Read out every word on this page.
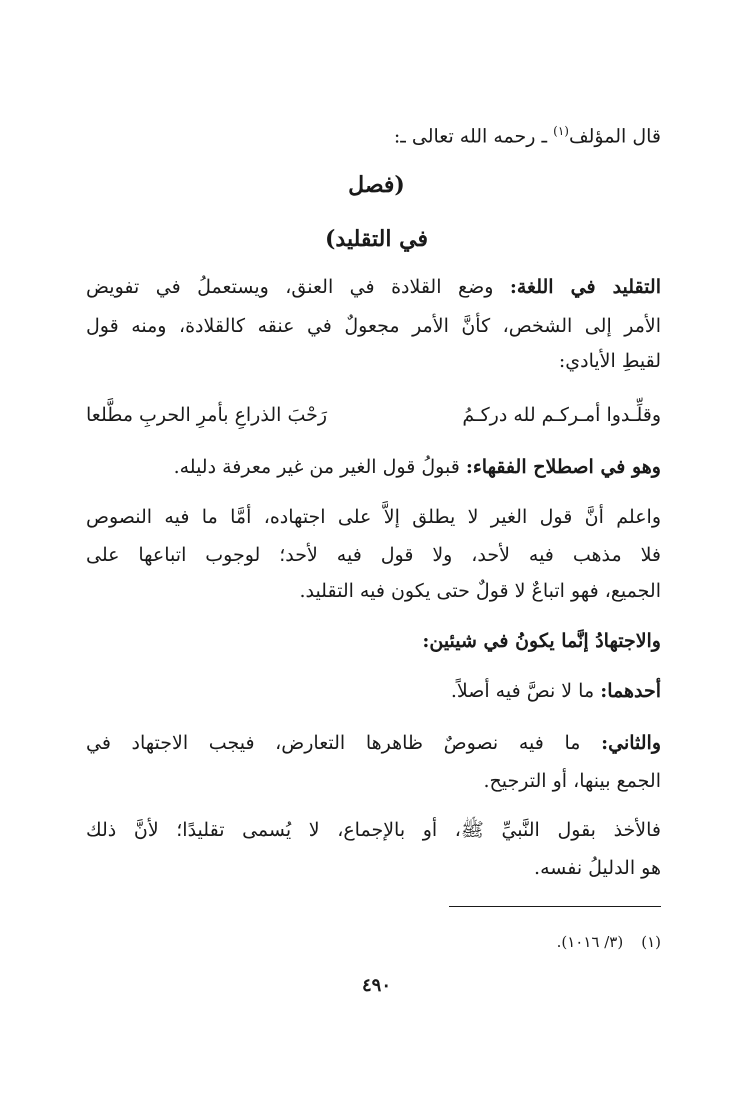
قال المؤلف$^{(١)}$ ـ رحمه الله تعالى ـ:
(فصل
في التقليد)
التقليد في اللغة: وضع القلادة في العنق، ويستعملُ في تفويض
الأمر إلى الشخص، كأنَّ الأمر مجعولٌ في عنقه كالقلادة، ومنه قول
لقيطِ الأيادي:
وقلِّـدوا أمـركـم لله دركـمُ
رَحْبَ الذراعِ بأمرِ الحربِ مطَّلعا
وهو في اصطلاح الفقهاء: قبولُ قول الغير من غير معرفة دليله.
واعلم أنَّ قول الغير لا يطلق إلاَّ على اجتهاده، أمَّا ما فيه النصوص
فلا مذهب فيه لأحد، ولا قول فيه لأحد؛ لوجوب اتباعها على
الجميع، فهو اتباعٌ لا قولٌ حتى يكون فيه التقليد.
والاجتهادُ إنَّما يكونُ في شيئين:
أحدهما: ما لا نصَّ فيه أصلاً.
والثاني: ما فيه نصوصٌ ظاهرها التعارض، فيجب الاجتهاد في
الجمع بينها، أو الترجيح.
فالأخذ بقول النَّبيِّ ﷺ، أو بالإجماع، لا يُسمى تقليدًا؛ لأنَّ ذلك
هو الدليلُ نفسه.
(١)(٣/ ١٠١٦).
٤٩٠
